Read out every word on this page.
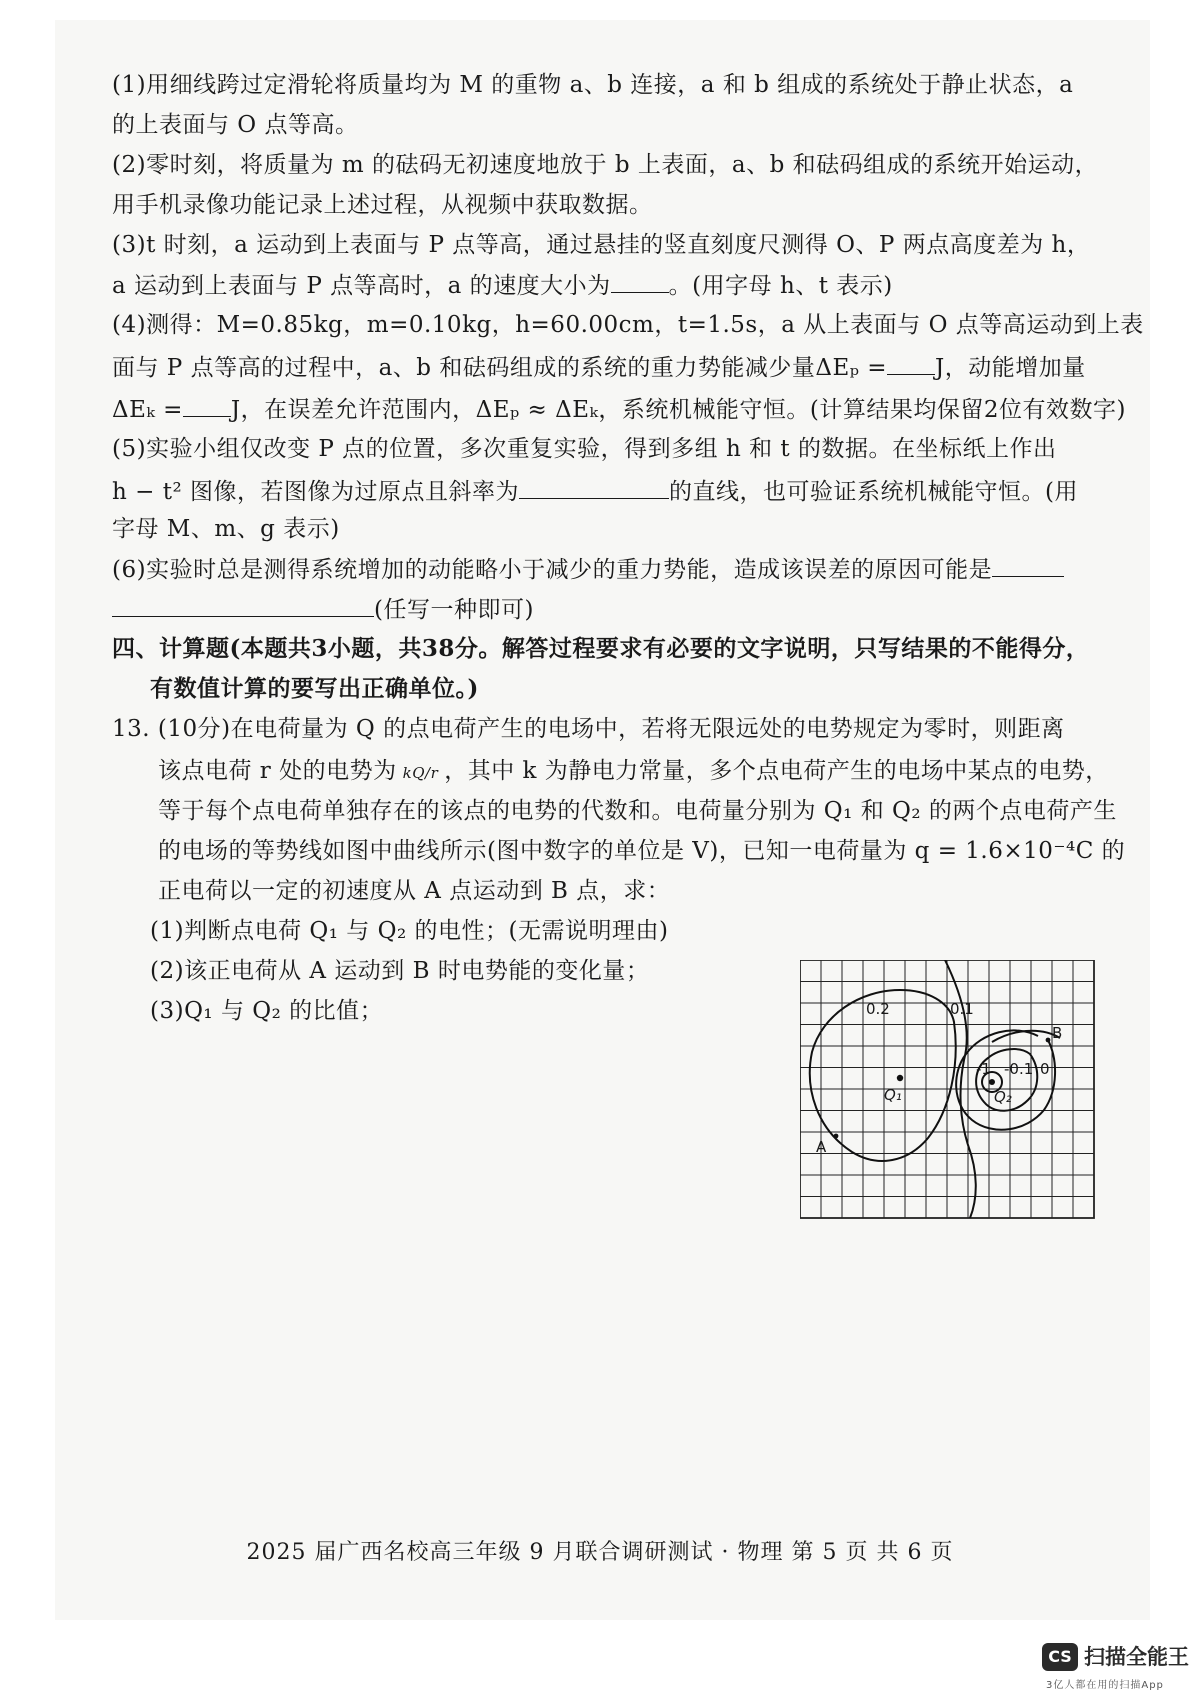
(1)用细线跨过定滑轮将质量均为 M 的重物 a、b 连接，a 和 b 组成的系统处于静止状态，a
的上表面与 O 点等高。
(2)零时刻，将质量为 m 的砝码无初速度地放于 b 上表面，a、b 和砝码组成的系统开始运动，
用手机录像功能记录上述过程，从视频中获取数据。
(3)t 时刻，a 运动到上表面与 P 点等高，通过悬挂的竖直刻度尺测得 O、P 两点高度差为 h，
a 运动到上表面与 P 点等高时，a 的速度大小为	。(用字母 h、t 表示)
(4)测得：M=0.85kg，m=0.10kg，h=60.00cm，t=1.5s，a 从上表面与 O 点等高运动到上表
面与 P 点等高的过程中，a、b 和砝码组成的系统的重力势能减少量ΔEₚ = J，动能增加量
ΔEₖ = J，在误差允许范围内，ΔEₚ ≈ ΔEₖ，系统机械能守恒。(计算结果均保留2位有效数字)
(5)实验小组仅改变 P 点的位置，多次重复实验，得到多组 h 和 t 的数据。在坐标纸上作出
h − t² 图像，若图像为过原点且斜率为	的直线，也可验证系统机械能守恒。(用
字母 M、m、g 表示)
(6)实验时总是测得系统增加的动能略小于减少的重力势能，造成该误差的原因可能是
(任写一种即可)
四、计算题(本题共3小题，共38分。解答过程要求有必要的文字说明，只写结果的不能得分，
有数值计算的要写出正确单位。)
13. (10分)在电荷量为 Q 的点电荷产生的电场中，若将无限远处的电势规定为零时，则距离
该点电荷 r 处的电势为 kQ/r ，其中 k 为静电力常量，多个点电荷产生的电场中某点的电势，
等于每个点电荷单独存在的该点的电势的代数和。电荷量分别为 Q₁ 和 Q₂ 的两个点电荷产生
的电场的等势线如图中曲线所示(图中数字的单位是 V)，已知一电荷量为 q = 1.6×10⁻⁴C 的
正电荷以一定的初速度从 A 点运动到 B 点，求：
(1)判断点电荷 Q₁ 与 Q₂ 的电性；(无需说明理由)
(2)该正电荷从 A 运动到 B 时电势能的变化量；
(3)Q₁ 与 Q₂ 的比值；	0.2	0.1
-1 -0.1 0
Q₁	Q₂
A
B
2025 届广西名校高三年级 9 月联合调研测试 · 物理 第 5 页 共 6 页
CS 扫描全能王
3亿人都在用的扫描App
